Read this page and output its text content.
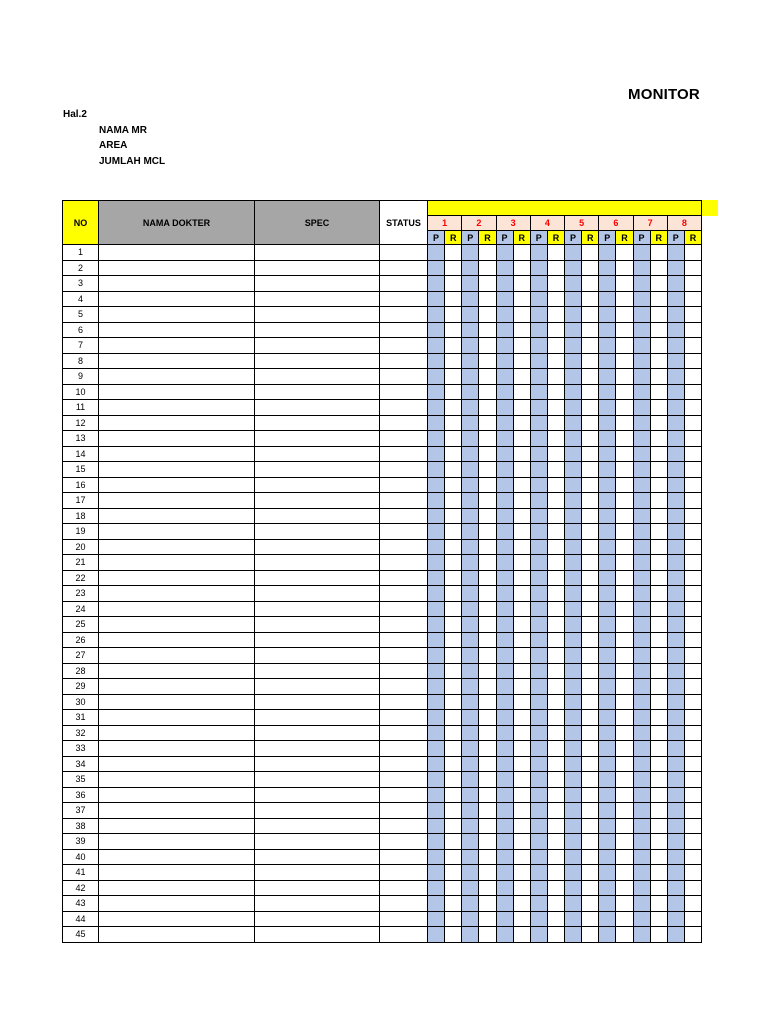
MONITOR
Hal.2
NAMA MR
AREA
JUMLAH MCL
NO	NAMA DOKTER	SPEC	STATUS																
				1		2		3		4		5		6		7		8	
				P	R	P	R	P	R	P	R	P	R	P	R	P	R	P	R
1																			
2																			
3																			
4																			
5																			
6																			
7																			
8																			
9																			
10																			
11																			
12																			
13																			
14																			
15																			
16																			
17																			
18																			
19																			
20																			
21																			
22																			
23																			
24																			
25																			
26																			
27																			
28																			
29																			
30																			
31																			
32																			
33																			
34																			
35																			
36																			
37																			
38																			
39																			
40																			
41																			
42																			
43																			
44																			
45																			
